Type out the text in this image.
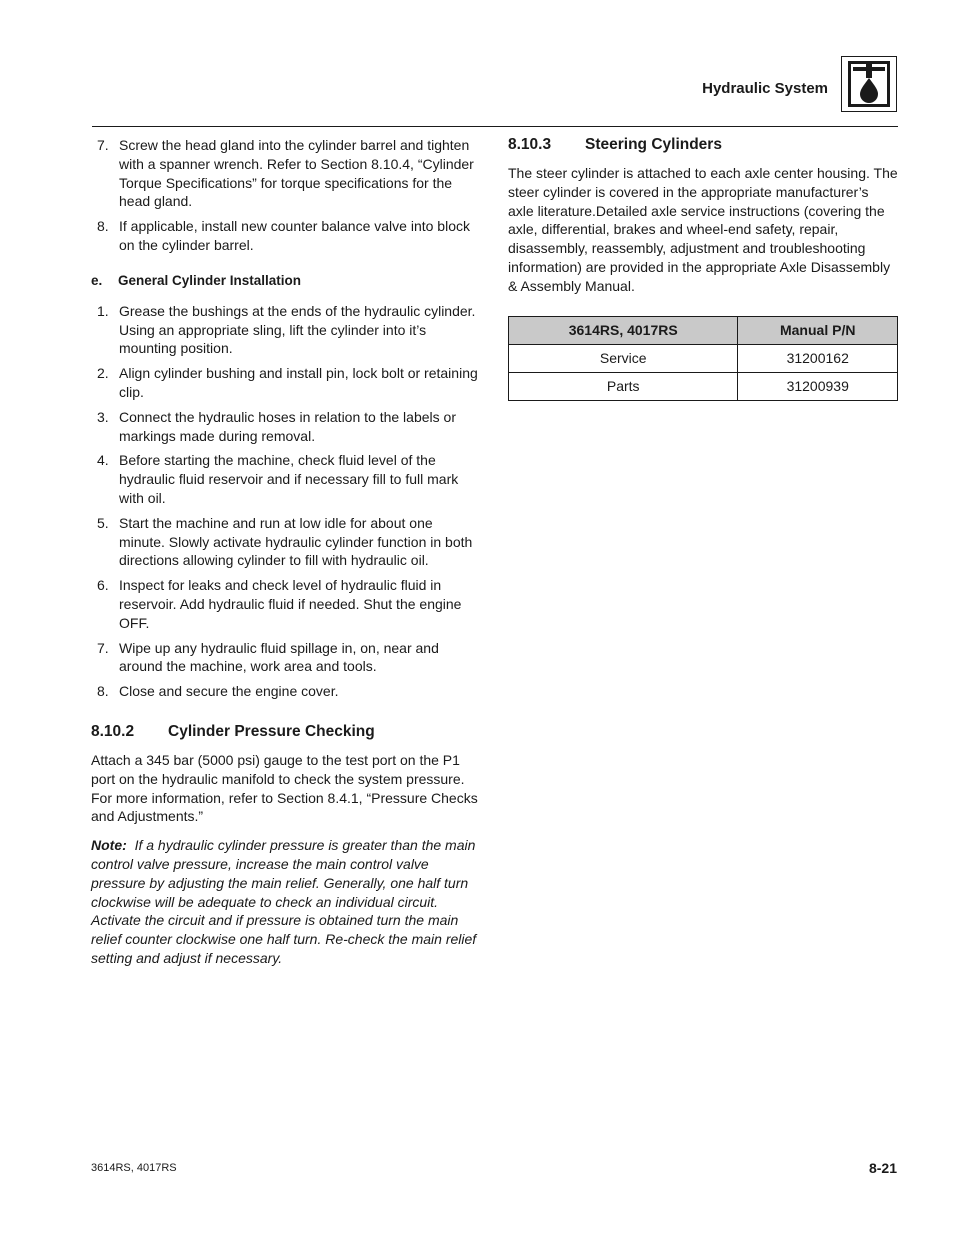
Hydraulic System
7. Screw the head gland into the cylinder barrel and tighten with a spanner wrench. Refer to Section 8.10.4, “Cylinder Torque Specifications” for torque specifications for the head gland.
8. If applicable, install new counter balance valve into block on the cylinder barrel.
e. General Cylinder Installation
1. Grease the bushings at the ends of the hydraulic cylinder. Using an appropriate sling, lift the cylinder into it’s mounting position.
2. Align cylinder bushing and install pin, lock bolt or retaining clip.
3. Connect the hydraulic hoses in relation to the labels or markings made during removal.
4. Before starting the machine, check fluid level of the hydraulic fluid reservoir and if necessary fill to full mark with oil.
5. Start the machine and run at low idle for about one minute. Slowly activate hydraulic cylinder function in both directions allowing cylinder to fill with hydraulic oil.
6. Inspect for leaks and check level of hydraulic fluid in reservoir. Add hydraulic fluid if needed. Shut the engine OFF.
7. Wipe up any hydraulic fluid spillage in, on, near and around the machine, work area and tools.
8. Close and secure the engine cover.
8.10.2 Cylinder Pressure Checking

Attach a 345 bar (5000 psi) gauge to the test port on the P1 port on the hydraulic manifold to check the system pressure. For more information, refer to Section 8.4.1, “Pressure Checks and Adjustments.”

Note: If a hydraulic cylinder pressure is greater than the main control valve pressure, increase the main control valve pressure by adjusting the main relief. Generally, one half turn clockwise will be adequate to check an individual circuit. Activate the circuit and if pressure is obtained turn the main relief counter clockwise one half turn. Re-check the main relief setting and adjust if necessary.

8.10.3 Steering Cylinders

The steer cylinder is attached to each axle center housing. The steer cylinder is covered in the appropriate manufacturer’s axle literature.Detailed axle service instructions (covering the axle, differential, brakes and wheel-end safety, repair, disassembly, reassembly, adjustment and troubleshooting information) are provided in the appropriate Axle Disassembly & Assembly Manual.

3614RS, 4017RS	Manual P/N
Service	31200162
Parts	31200939
3614RS, 4017RS	8-21
